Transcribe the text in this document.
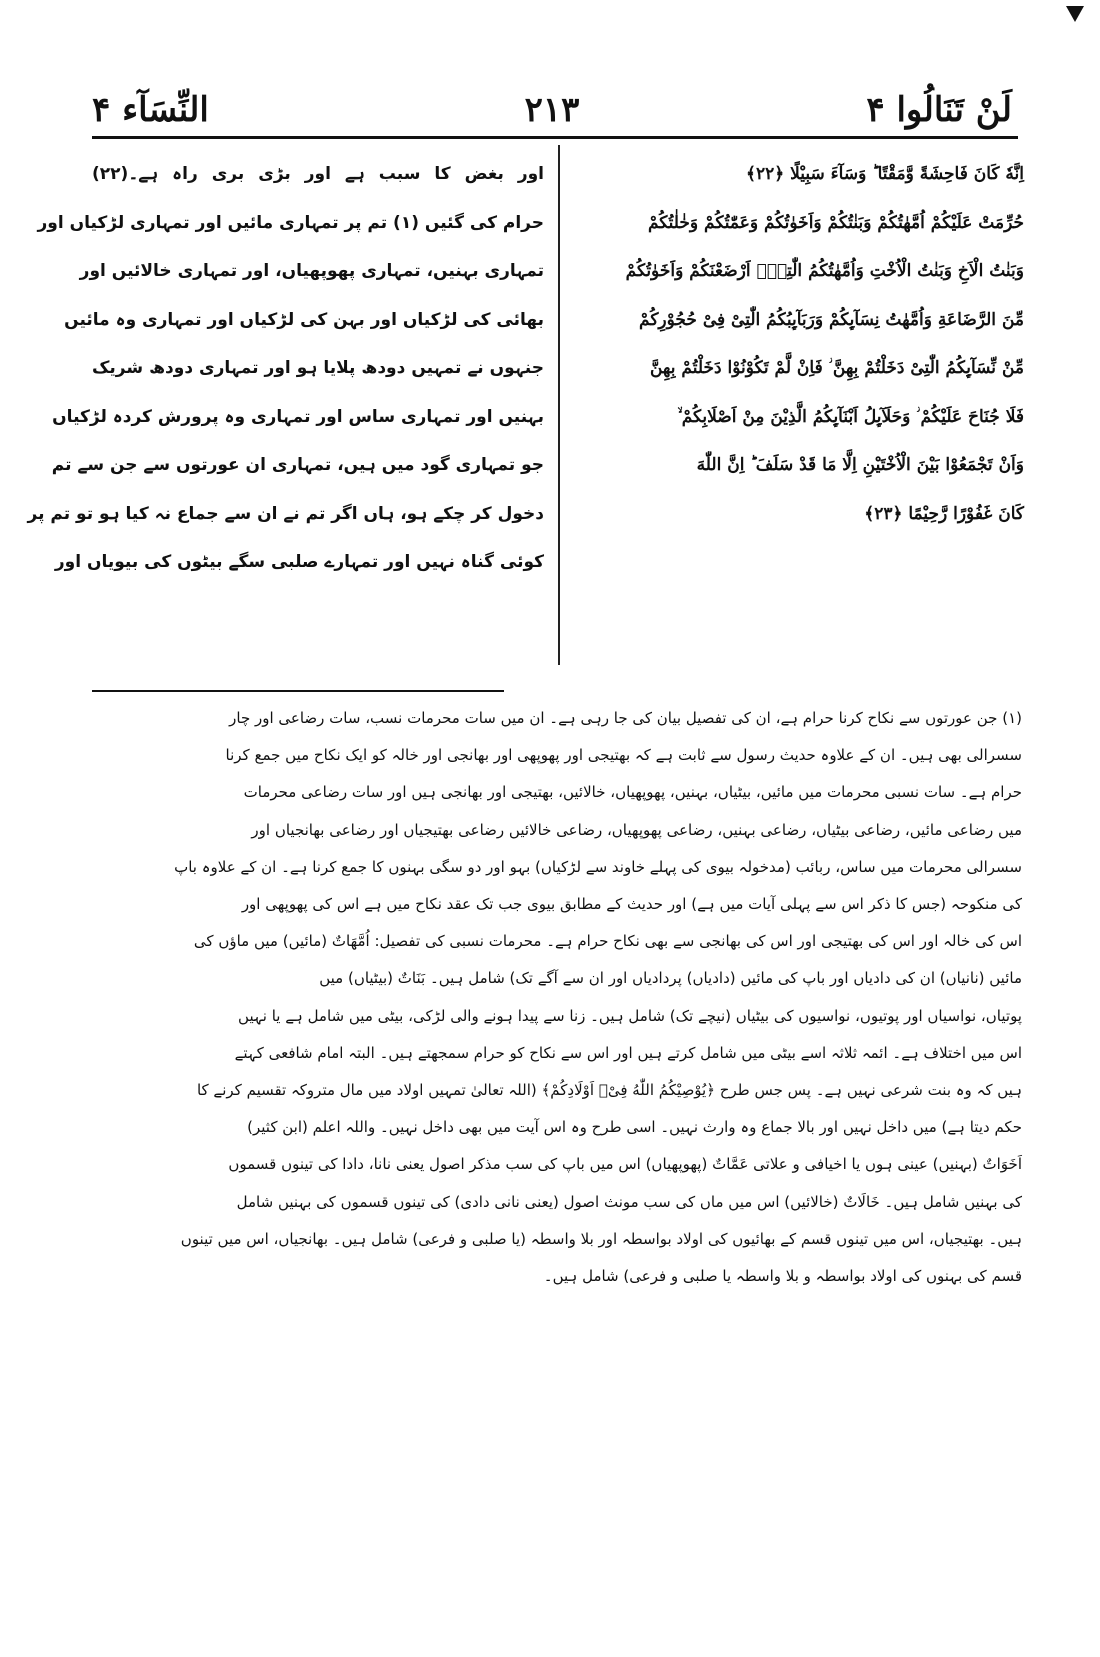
لَنْ تَنَالُوا ۴
۲۱۳
النِّسَآء ۴
اِنَّهٗ كَانَ فَاحِشَةً وَّمَقْتًا ؕ وَسَآءَ سَبِيْلًا ﴿۲۲﴾
حُرِّمَتْ عَلَيْكُمْ اُمَّهٰتُكُمْ وَبَنٰتُكُمْ وَاَخَوٰتُكُمْ وَعَمّٰتُكُمْ وَخٰلٰتُكُمْ
وَبَنٰتُ الْاَخِ وَبَنٰتُ الْاُخْتِ وَاُمَّهٰتُكُمُ الّٰتِیْۤ اَرْضَعْنَكُمْ وَاَخَوٰتُكُمْ
مِّنَ الرَّضَاعَةِ وَاُمَّهٰتُ نِسَآىِٕكُمْ وَرَبَآىِٕبُكُمُ الّٰتِیْ فِیْ حُجُوْرِكُمْ
مِّنْ نِّسَآىِٕكُمُ الّٰتِیْ دَخَلْتُمْ بِهِنَّ ؗ فَاِنْ لَّمْ تَكُوْنُوْا دَخَلْتُمْ بِهِنَّ
فَلَا جُنَاحَ عَلَيْكُمْ ؗ وَحَلَآىِٕلُ اَبْنَآىِٕكُمُ الَّذِيْنَ مِنْ اَصْلَابِكُمْ ۙ
وَاَنْ تَجْمَعُوْا بَيْنَ الْاُخْتَيْنِ اِلَّا مَا قَدْ سَلَفَ ؕ اِنَّ اللّٰهَ
كَانَ غَفُوْرًا رَّحِيْمًا ﴿۲۳﴾
اور بغض کا سبب ہے اور بڑی بری راہ ہے۔(۲۲)
حرام کی گئیں (۱) تم پر تمہاری مائیں اور تمہاری لڑکیاں اور
تمہاری بہنیں، تمہاری پھوپھیاں، اور تمہاری خالائیں اور
بھائی کی لڑکیاں اور بہن کی لڑکیاں اور تمہاری وہ مائیں
جنہوں نے تمہیں دودھ پلایا ہو اور تمہاری دودھ شریک
بہنیں اور تمہاری ساس اور تمہاری وہ پرورش کردہ لڑکیاں
جو تمہاری گود میں ہیں، تمہاری ان عورتوں سے جن سے تم
دخول کر چکے ہو، ہاں اگر تم نے ان سے جماع نہ کیا ہو تو تم پر
کوئی گناہ نہیں اور تمہارے صلبی سگے بیٹوں کی بیویاں اور
(۱) جن عورتوں سے نکاح کرنا حرام ہے، ان کی تفصیل بیان کی جا رہی ہے۔ ان میں سات محرمات نسب، سات رضاعی اور چار
سسرالی بھی ہیں۔ ان کے علاوہ حدیث رسول سے ثابت ہے کہ بھتیجی اور پھوپھی اور بھانجی اور خالہ کو ایک نکاح میں جمع کرنا
حرام ہے۔ سات نسبی محرمات میں مائیں، بیٹیاں، بہنیں، پھوپھیاں، خالائیں، بھتیجی اور بھانجی ہیں اور سات رضاعی محرمات
میں رضاعی مائیں، رضاعی بیٹیاں، رضاعی بہنیں، رضاعی پھوپھیاں، رضاعی خالائیں رضاعی بھتیجیاں اور رضاعی بھانجیاں اور
سسرالی محرمات میں ساس، ربائب (مدخولہ بیوی کی پہلے خاوند سے لڑکیاں) بہو اور دو سگی بہنوں کا جمع کرنا ہے۔ ان کے علاوہ باپ
کی منکوحہ (جس کا ذکر اس سے پہلی آیات میں ہے) اور حدیث کے مطابق بیوی جب تک عقد نکاح میں ہے اس کی پھوپھی اور
اس کی خالہ اور اس کی بھتیجی اور اس کی بھانجی سے بھی نکاح حرام ہے۔ محرمات نسبی کی تفصیل: اُمَّهَاتٌ (مائیں) میں ماؤں کی
مائیں (نانیاں) ان کی دادیاں اور باپ کی مائیں (دادیاں) پردادیاں اور ان سے آگے تک) شامل ہیں۔ بَنَاتٌ (بیٹیاں) میں
پوتیاں، نواسیاں اور پوتیوں، نواسیوں کی بیٹیاں (نیچے تک) شامل ہیں۔ زنا سے پیدا ہونے والی لڑکی، بیٹی میں شامل ہے یا نہیں
اس میں اختلاف ہے۔ ائمہ ثلاثہ اسے بیٹی میں شامل کرتے ہیں اور اس سے نکاح کو حرام سمجھتے ہیں۔ البتہ امام شافعی کہتے
ہیں کہ وہ بنت شرعی نہیں ہے۔ پس جس طرح ﴿يُوْصِيْكُمُ اللّٰهُ فِیْۤ اَوْلَادِكُمْ﴾ (اللہ تعالیٰ تمہیں اولاد میں مال متروکہ تقسیم کرنے کا
حکم دیتا ہے) میں داخل نہیں اور بالا جماع وہ وارث نہیں۔ اسی طرح وہ اس آیت میں بھی داخل نہیں۔ واللہ اعلم (ابن کثیر)
اَخَوَاتٌ (بہنیں) عینی ہوں یا اخیافی و علاتی عَمَّاتٌ (پھوپھیاں) اس میں باپ کی سب مذکر اصول یعنی نانا، دادا کی تینوں قسموں
کی بہنیں شامل ہیں۔ خَالَاتٌ (خالائیں) اس میں ماں کی سب مونث اصول (یعنی نانی دادی) کی تینوں قسموں کی بہنیں شامل
ہیں۔ بھتیجیاں، اس میں تینوں قسم کے بھائیوں کی اولاد بواسطہ اور بلا واسطہ (یا صلبی و فرعی) شامل ہیں۔ بھانجیاں، اس میں تینوں
قسم کی بہنوں کی اولاد بواسطہ و بلا واسطہ یا صلبی و فرعی) شامل ہیں۔
